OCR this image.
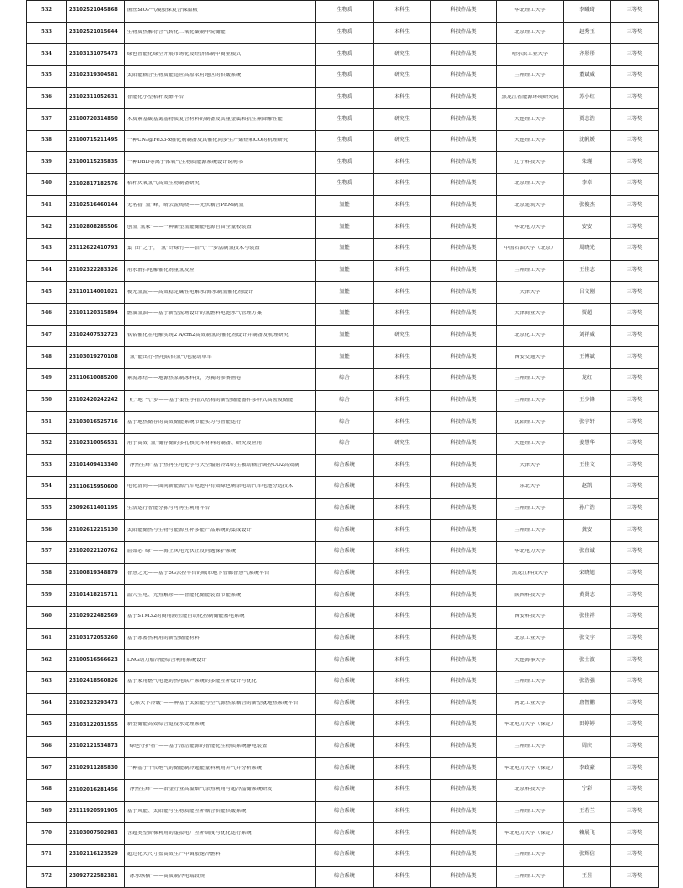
532	23102521045868	菌丝SiO₂¹气凝胶保复合保温板	生物质	本科生	科技作品类	华北理工大学	李曦琦	三等奖
533	23102521015644	生物质热解符合气转化二氧化碳制甲烷储能	生物质	本科生	科技作品类	北京理工大学	赵秀玉	三等奖
534	23103131075473	绿色智能化绿空开展市场化及经济体制中商业模式	生物质	研究生	科技作品类	哈尔滨工业大学	齐彤彤	三等奖
535	23102319304581	太阳能耦合生物质能适应高原农村地区的供暖系统	生物质	研究生	科技作品类	兰州理工大学	董斌威	三等奖
536	23102311052631	智能化小型秸秆发酵平台	生物质	本科生	科技作品类	黑龙江省能源环境研究院	苏小红	三等奖
537	23100720314850	木质素基碳基氮基物质复合材料的制备及其重金属和抗生素降解性能	生物质	研究生	科技作品类	大连理工大学	贾志浩	三等奖
538	23100715211495	一种CNₓ@Fe33-x催化剂制备及其催化同步生产烯烃和CO的机理研究	生物质	研究生	科技作品类	大连理工大学	沈帆媛	三等奖
539	23100115235835	一种DBD等离子体氧气生物质能源系统设计说明书	生物质	本科生	科技作品类	辽宁科技大学	朱瑾	三等奖
540	23102817182576	秸秆厌氧氢气高效生物制备研究	生物质	本科生	科技作品类	北京理工大学	李卓	三等奖
541	23102516460144	无名指“氢”峰，晴云流缆绕——光伏耦合PEM制氢	氢能	本科生	科技作品类	北京建筑大学	张俊杰	三等奖
542	23102808285506	创氢“氢家”——一种新型氢能储能电源自由全量校装置	氢能	本科生	科技作品类	华北电力大学	安安	三等奖
543	23112622410793	集“田”之子，“氢”计绿竹——沼气”一步法制氢技术与装置	氢能	本科生	科技作品类	中国石油大学（北京）	周晓光	三等奖
544	23102322283326	用水滑扫电解催化剂重氢反应	氢能	本科生	科技作品类	兰州理工大学	王佳志	三等奖
545	23110114001021	极光氢流——高效稳定碱性电解水/海水制氢催化剂设计	氢能	本科生	科技作品类	天津大学	吕文刚	三等奖
546	23101120315894	燃油氢油——基于新型流场设计的氢燃料电池水气管理方案	氢能	本科生	科技作品类	天津商业大学	贾超	三等奖
547	23102407532723	铁钴催化在电解实现2 A/cm2高效制氢的催化剂设计并制备及机理研究	氢能	研究生	科技作品类	北京化工大学	刘祥威	三等奖
548	23103019270108	“氢”能出行-热电联供氢气电混动单车	氢能	本科生	科技作品类	西安交通大学	王博斌	三等奖
549	23110610085200	素流冰结——地源热泵制冰科技，为冀的参赛画卷	综合	本科生	科技作品类	兰州理工大学	龙红	三等奖
550	23102420242242	“贮”地“气”步——基于柔性手指式结构的新型储能器件多样式高密度储能	综合	本科生	科技作品类	兰州理工大学	王少锋	三等奖
551	23103016525716	基于地热储存的高效储能系统节能实习与智能运行	综合	本科生	科技作品类	沈阳理工大学	张宇轩	三等奖
552	23102310056531	用于高效“氢”储存储的多孔核壳本材料的制备、研究及应用	综合	研究生	科技作品类	大连理工大学	姜慧华	三等奖
553	23101409413340	“净热生辉”基于热再生电化学与天空辐射冷却的主被动耦合调控CO2高效制	综合系统	本科生	科技作品类	天津大学	王佳文	三等奖
554	23110615950600	电化清尚——面向新能源汽车电池中有效绿色剩余电动汽车电池分选技术	综合系统	本科生	科技作品类	东北大学	赵凯	三等奖
555	23092611401195	生活运行智能分拣与可再生利用平台	综合系统	本科生	科技作品类	兰州理工大学	孙广浩	三等奖
556	23102612215130	太阳能储热与生物与能源互补多能产品系统的集成设计	综合系统	本科生	科技作品类	兰州理工大学	龚安	三等奖
557	23102022120762	屈如必“绿”——海上风电光伏正反问题保护系统	综合系统	本科生	科技作品类	华北电力大学	张直诚	三等奖
558	23100819348879	智慧之光——基于5G云控平台的城市地下管廊智慧气系统平台	综合系统	本科生	科技作品类	黑龙江科技大学	宋晓旭	三等奖
559	23101418215711	温穴生电、光热解彤——智能化储能装置节能系统	综合系统	本科生	科技作品类	陕西科技大学	黄贤志	三等奖
560	23102922482569	基于STM32的商用液压能自动化控制储能蓄电系统	综合系统	本科生	科技作品类	西安科技大学	张佳祥	三等奖
561	23103172053260	基于冰蓄热利用的新型储能材料	综合系统	本科生	科技作品类	北京工业大学	张文宇	三等奖
562	23100516566623	LNG动力船冷能综合利用系统设计	综合系统	本科生	科技作品类	大连海事大学	张士波	三等奖
563	23102418560826	基于家用燃气电池的热电联产系统的多能互补设计与优化	综合系统	本科生	科技作品类	兰州理工大学	张浩强	三等奖
564	23102323293473	“心系天下冷暖”——种基于太阳能与空气源热泵耦合的新型就地热系统平台	综合系统	本科生	科技作品类	河北工业大学	唐智鹏	三等奖
565	23103122031555	新型储能高效综合退役水处理系统	综合系统	本科生	科技作品类	华北电力大学（保定）	田婷婷	三等奖
566	23102121534873	“绿色守护者”——基于清洁能源的智能化生物质系统静电装置	综合系统	本科生	科技作品类	兰州理工大学	周庆	三等奖
567	23102911285830	一种基于干仪绝气的储能制冷超能量料利用并气并分析系统	综合系统	本科生	科技作品类	华北电力大学（保定）	李政豪	三等奖
568	23102016281456	“净热生辉”——冶金行业高温烟气余热利用与超冷晶储系统研发	综合系统	本科生	科技作品类	北京科技大学	宁彩	三等奖
569	23111920591905	基于风能、太阳能与生物质能互补耦合供能供暖系统	综合系统	本科生	科技作品类	兰州理工大学	王若兰	三等奖
570	23103007502983	含超类型阶梯利用的虚拟电厂互补调度与优化运行系统	综合系统	本科生	科技作品类	华北电力大学（保定）	赖展飞	三等奖
571	23102116123529	超过化大尺寸盘高效生产中调胶速冷燃料	综合系统	本科生	科技作品类	兰州理工大学	张辉信	三等奖
572	23092722582381	“冰水纵横”——高质制冷电端段规	综合系统	本科生	科技作品类	兰州理工大学	王昱	三等奖
